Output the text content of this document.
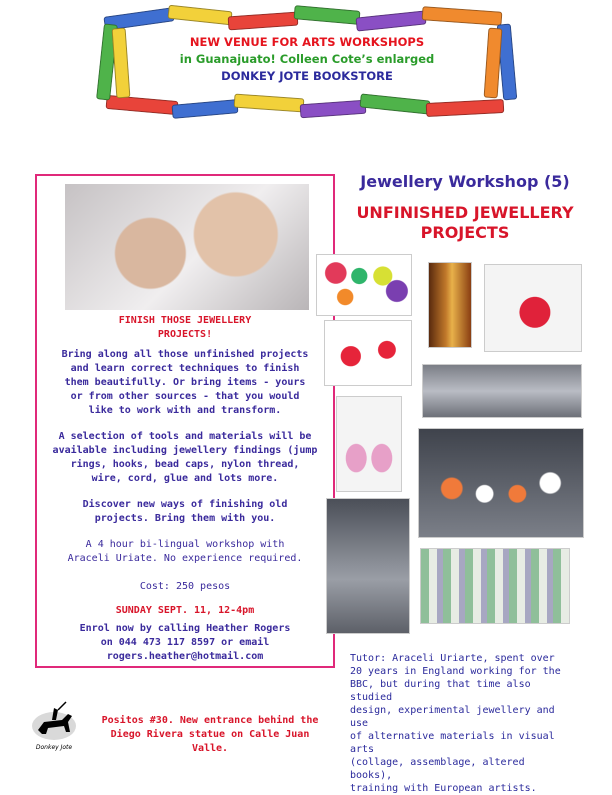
NEW VENUE FOR ARTS WORKSHOPS
in Guanajuato! Colleen Cote’s enlarged
DONKEY JOTE BOOKSTORE
FINISH THOSE JEWELLERY
PROJECTS!
Bring along all those unfinished projects
and learn correct techniques to finish
them beautifully. Or bring items - yours
or from other sources - that you would
like to work with and transform.
A selection of tools and materials will be
available including jewellery findings (jump
rings, hooks, bead caps, nylon thread,
wire, cord, glue and lots more.
Discover new ways of finishing old
projects. Bring them with you.
A 4 hour bi-lingual workshop with
Araceli Uriate. No experience required.
Cost: 250 pesos
SUNDAY SEPT. 11, 12-4pm
Enrol now by calling Heather Rogers
on 044 473 117 8597 or email
rogers.heather@hotmail.com
Jewellery Workshop (5)
UNFINISHED JEWELLERY
PROJECTS
Tutor: Araceli Uriarte, spent over
20 years in England working for the
BBC, but during that time also studied
design, experimental jewellery and use
of alternative materials in visual arts
(collage, assemblage, altered books),
training with European artists.
Donkey Jote
Positos #30. New entrance behind the
Diego Rivera statue on Calle Juan Valle.
